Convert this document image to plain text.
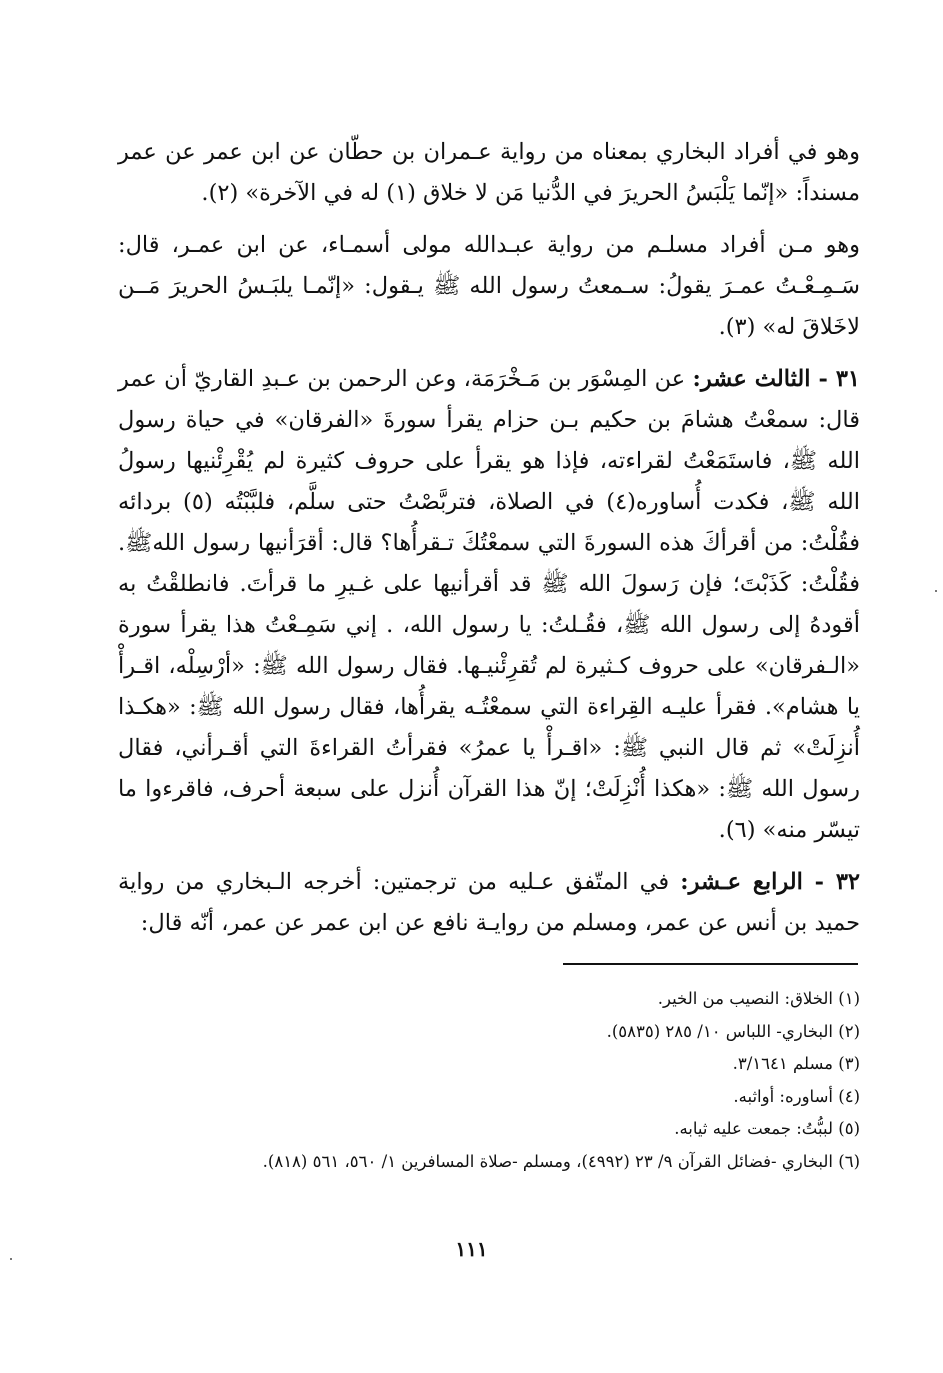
وهو في أفراد البخاري بمعناه من رواية عـمران بن حطّان عن ابن عمر عن عمر مسنداً: «إنّما يَلْبَسُ الحريرَ في الدُّنيا مَن لا خلاق (١) له في الآخرة» (٢).

وهو مـن أفراد مسلـم من رواية عبـدالله مولى أسمـاء، عن ابن عمـر، قال: سَـمِـعْـتُ عمـرَ يقولُ: سـمعتُ رسول الله ﷺ يـقول: «إنّمـا يلبَـسُ الحريرَ مَــن لاخَلاقَ له» (٣).

٣١ - الثالث عشر: عن المِسْوَر بن مَـخْرَمَة، وعن الرحمن بن عـبدِ القاريّ أن عمر قال: سمعْتُ هشامَ بن حكيم بـن حزام يقرأ سورةَ «الفرقان» في حياة رسول الله ﷺ، فاستَمَعْتُ لقراءته، فإذا هو يقرأ على حروف كثيرة لم يُقْرِئْنيها رسولُ الله ﷺ، فكدت أُساوره(٤) في الصلاة، فتربَّصْتُ حتى سلَّم، فلبَّبْتُه (٥) بردائه فقُلْتُ: من أقرأكَ هذه السورةَ التي سمعْتُكَ تـقرأُها؟ قال: أقرَأنيها رسول اللهﷺ. فقُلْتُ: كَذَبْتَ؛ فإن رَسولَ الله ﷺ قد أقرأنيها على غـيرِ ما قرأتَ. فانطلقْتُ به أقودهُ إلى رسول الله ﷺ، فقُـلتُ: يا رسول الله، . إني سَمِـعْتُ هذا يقرأ سورة «الـفرقان» على حروف كـثيرة لم تُقرِئْنيـها. فقال رسول الله ﷺ: «أرْسِلْه، اقـرأْ يا هشام». فقرأ عليـه القِراءة التي سمعْتُـه يقرأُها، فقال رسول الله ﷺ: «هكـذا أُنزِلَتْ» ثم قال النبي ﷺ: «اقـرأْ يا عمرُ» فقرأتُ القراءةَ التي أقـرأني، فقال رسول الله ﷺ: «هكذا أُنْزِلَتْ؛ إنّ هذا القرآن أُنزل على سبعة أحرف، فاقرءوا ما تيسّر منه» (٦).

٣٢ - الرابع عـشر: في المتّفق عـليه من ترجمتين: أخرجه الـبخاري من رواية حميد بن أنس عن عمر، ومسلم من روايـة نافع عن ابن عمر عن عمر، أنّه قال:

(١) الخلاق: النصيب من الخير.

(٢) البخاري- اللباس ١٠/ ٢٨٥ (٥٨٣٥).

(٣) مسلم ٣/١٦٤١.

(٤) أساوره: أواثبه.

(٥) لببُّتُ: جمعت عليه ثيابه.

(٦) البخاري -فضائل القرآن ٩/ ٢٣ (٤٩٩٢)، ومسلم -صلاة المسافرين ١/ ٥٦٠، ٥٦١ (٨١٨).

١١١
